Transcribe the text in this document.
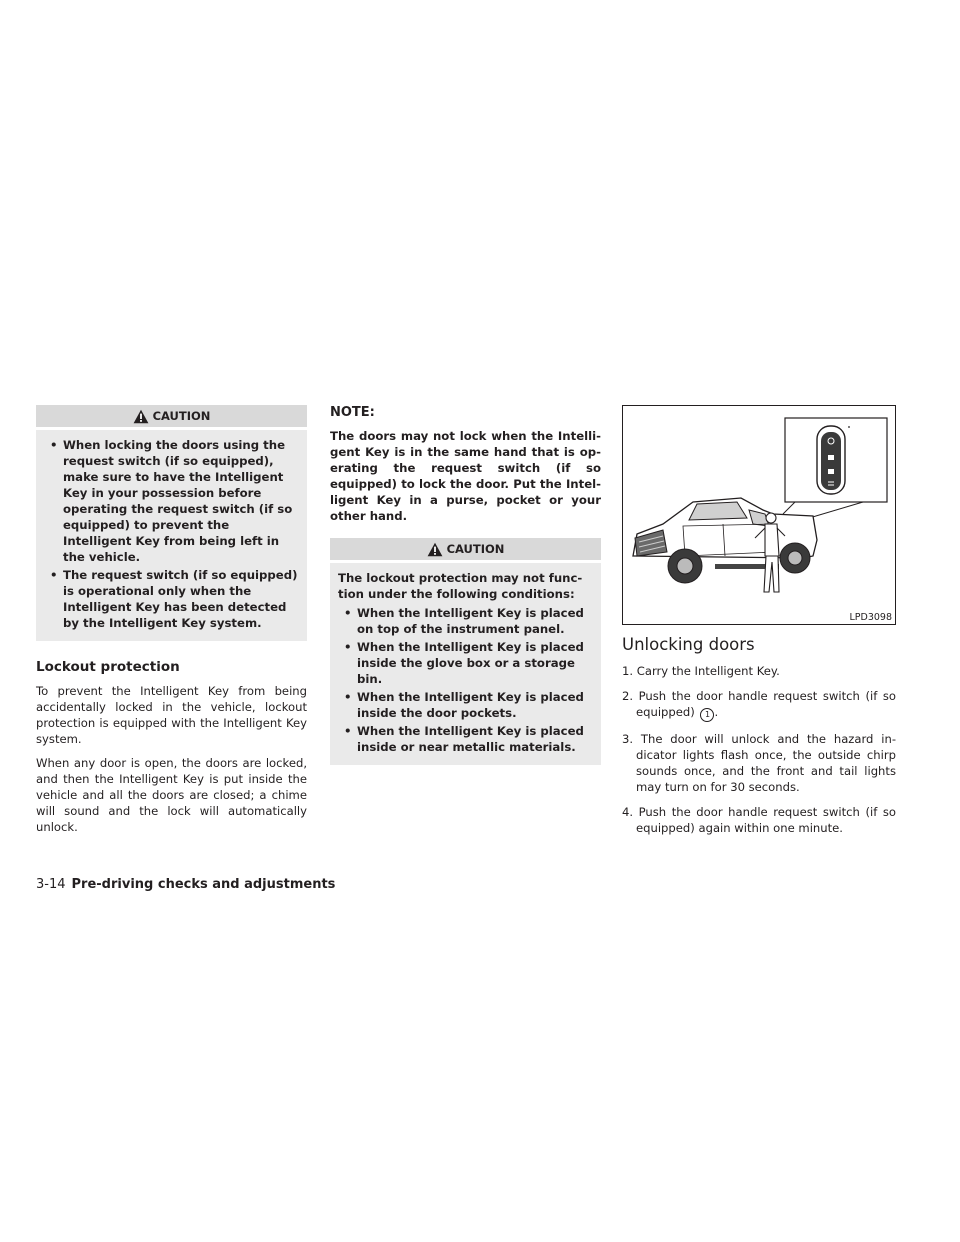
CAUTION

• When locking the doors using the request switch (if so equipped), make sure to have the Intelligent Key in your possession before operating the request switch (if so equipped) to prevent the Intelligent Key from being left in the vehicle.

• The request switch (if so equipped) is operational only when the Intelligent Key has been detected by the Intelligent Key system.

Lockout protection

To prevent the Intelligent Key from being accidentally locked in the vehicle, lockout protection is equipped with the Intelligent Key system.

When any door is open, the doors are locked, and then the Intelligent Key is put inside the vehicle and all the doors are closed; a chime will sound and the lock will automatically unlock.

NOTE:

The doors may not lock when the Intelligent Key is in the same hand that is operating the request switch (if so equipped) to lock the door. Put the Intelligent Key in a purse, pocket or your other hand.

CAUTION

The lockout protection may not function under the following conditions:

• When the Intelligent Key is placed on top of the instrument panel.

• When the Intelligent Key is placed inside the glove box or a storage bin.

• When the Intelligent Key is placed inside the door pockets.

• When the Intelligent Key is placed inside or near metallic materials.

LPD3098
Unlocking doors

1. Carry the Intelligent Key.

2. Push the door handle request switch (if so equipped) 1 .

3. The door will unlock and the hazard indicator lights flash once, the outside chirp sounds once, and the front and tail lights may turn on for 30 seconds.

4. Push the door handle request switch (if so equipped) again within one minute.

3-14 Pre-driving checks and adjustments
